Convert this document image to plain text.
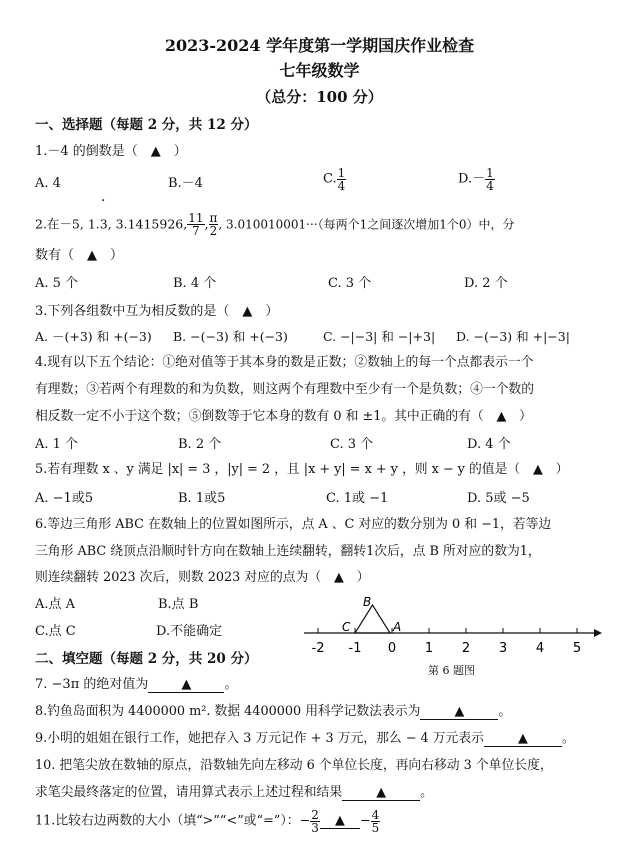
2023-2024 学年度第一学期国庆作业检查
七年级数学
（总分：100 分）
一、选择题（每题 2 分，共 12 分）
1.－4 的倒数是（　▲　）
A. 4	B.－4	C. $\frac{1}{4}$	$D.- \frac{1}{4}$
·
2.在－5, 1.3, 3.1415926, $\frac{11}{7}$ , $\frac{\pi}{2}$ , 3.010010001···（每两个1之间逐次增加1个0）中，分
数有（　▲　）
A. 5 个	B. 4 个	C. 3 个	D. 2 个
3.下列各组数中互为相反数的是（　▲　）
A. －(+3) 和 +(−3) B. −(−3) 和 +(−3)	C. −|−3| 和 −|+3| D. −(−3) 和 +|−3|
4.现有以下五个结论：①绝对值等于其本身的数是正数；②数轴上的每一个点都表示一个
有理数；③若两个有理数的和为负数，则这两个有理数中至少有一个是负数；④一个数的
相反数一定不小于这个数；⑤倒数等于它本身的数有 0 和 ±1。其中正确的有（　▲　）
A. 1 个	B. 2 个	C. 3 个	D. 4 个
5.若有理数 x 、y 满足 |x| = 3 ，|y| = 2 ，且 |x + y| = x + y ，则 x − y 的值是（　▲　）
A. −1或5	B. 1或5	C. 1或 −1	D. 5或 −5
6.等边三角形 ABC 在数轴上的位置如图所示，点 A 、C 对应的数分别为 0 和 −1，若等边
三角形 ABC 绕顶点沿顺时针方向在数轴上连续翻转，翻转1次后，点 B 所对应的数为1，
则连续翻转 2023 次后，则数 2023 对应的点为（　▲　）
A.点 A	B.点 B
C.点 C	D.不能确定
-2 -1 0 1 2 3 4 5
B
C	A
第 6 题图
二、填空题（每题 2 分，共 20 分）
7. −3π 的绝对值为	▲	。
8.钓鱼岛面积为 4400000 m². 数据 4400000 用科学记数法表示为	▲	。
9.小明的姐姐在银行工作，她把存入 3 万元记作 + 3 万元，那么 − 4 万元表示	▲	。
10. 把笔尖放在数轴的原点，沿数轴先向左移动 6 个单位长度，再向右移动 3 个单位长度，
求笔尖最终落定的位置，请用算式表示上述过程和结果	▲	。
11.比较右边两数的大小（填“>”“<”或“=”）：− $\frac{2}{3}$ ▲ − $\frac{4}{5}$
